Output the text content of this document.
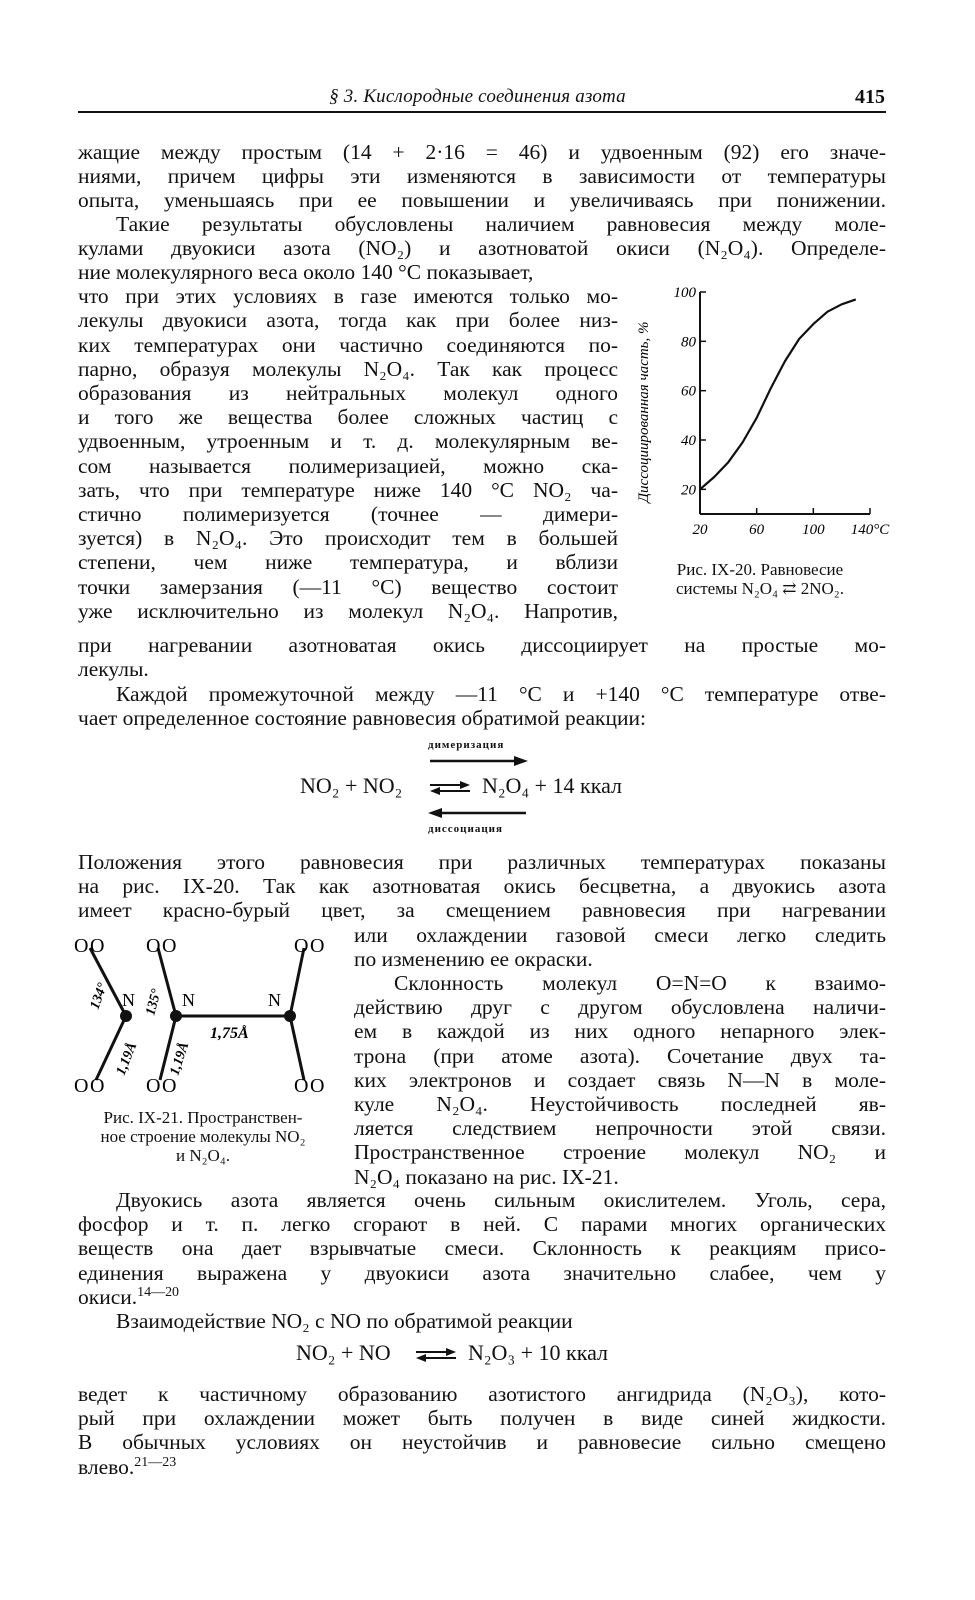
§ 3. Кислородные соединения азота	415
жащие между простым (14 + 2·16 = 46) и удвоенным (92) его значе-
ниями, причем цифры эти изменяются в зависимости от температуры
опыта, уменьшаясь при ее повышении и увеличиваясь при понижении.
Такие результаты обусловлены наличием равновесия между моле-
кулами двуокиси азота (NO₂) и азотноватой окиси (N₂O₄). Определе-
ние молекулярного веса около 140 °C показывает,
что при этих условиях в газе имеются только мо-
лекулы двуокиси азота, тогда как при более низ-
ких температурах они частично соединяются по-
парно, образуя молекулы N₂O₄. Так как процесс
образования из нейтральных молекул одного
и того же вещества более сложных частиц с
удвоенным, утроенным и т. д. молекулярным ве-
сом называется полимеризацией, можно ска-
зать, что при температуре ниже 140 °C NO₂ ча-
стично полимеризуется (точнее — димери-
зуется) в N₂O₄. Это происходит тем в большей
степени, чем ниже температура, и вблизи
точки замерзания (—11 °C) вещество состоит
уже исключительно из молекул N₂O₄. Напротив,
при нагревании азотноватая окись диссоциирует на простые мо-
лекулы.
Диссоциированная часть, % 20
40
60
80
100
20	60	100 140°C
Рис. IX-20. Равновесие
системы N₂O₄ ⇄ 2NO₂.
Каждой промежуточной между —11 °C и +140 °C температуре отве-
чает определенное состояние равновесия обратимой реакции:
димеризация
NO₂ + NO₂ ⇌ N₂O₄ + 14 ккал
диссоциация
Положения этого равновесия при различных температурах показаны
на рис. IX-20. Так как азотноватая окись бесцветна, а двуокись азота
имеет красно-бурый цвет, за смещением равновесия при нагревании
или охлаждении газовой смеси легко следить
по изменению ее окраски.
Склонность молекул O=N=O к взаимо-
действию друг с другом обусловлена наличи-
ем в каждой из них одного непарного элек-
трона (при атоме азота). Сочетание двух та-
ких электронов и создает связь N—N в моле-
куле N₂O₄. Неустойчивость последней яв-
ляется следствием непрочности этой связи.
Пространственное строение молекул NO₂ и
N₂O₄ показано на рис. IX-21.
O O O O	O O
O O O O	O O
N	N	N
134° 135°
1,19Å 1,19Å
1,75Å
Рис. IX-21. Пространствен-
ное строение молекулы NO₂
и N₂O₄.
Двуокись азота является очень сильным окислителем. Уголь, сера,
фосфор и т. п. легко сгорают в ней. С парами многих органических
веществ она дает взрывчатые смеси. Склонность к реакциям присо-
единения выражена у двуокиси азота значительно слабее, чем у
окиси.$^{14—20}$
Взаимодействие NO₂ с NO по обратимой реакции
NO₂ + NO ⇌ N₂O₃ + 10 ккал
ведет к частичному образованию азотистого ангидрида (N₂O₃), кото-
рый при охлаждении может быть получен в виде синей жидкости.
В обычных условиях он неустойчив и равновесие сильно смещено
влево.$^{21—23}$
